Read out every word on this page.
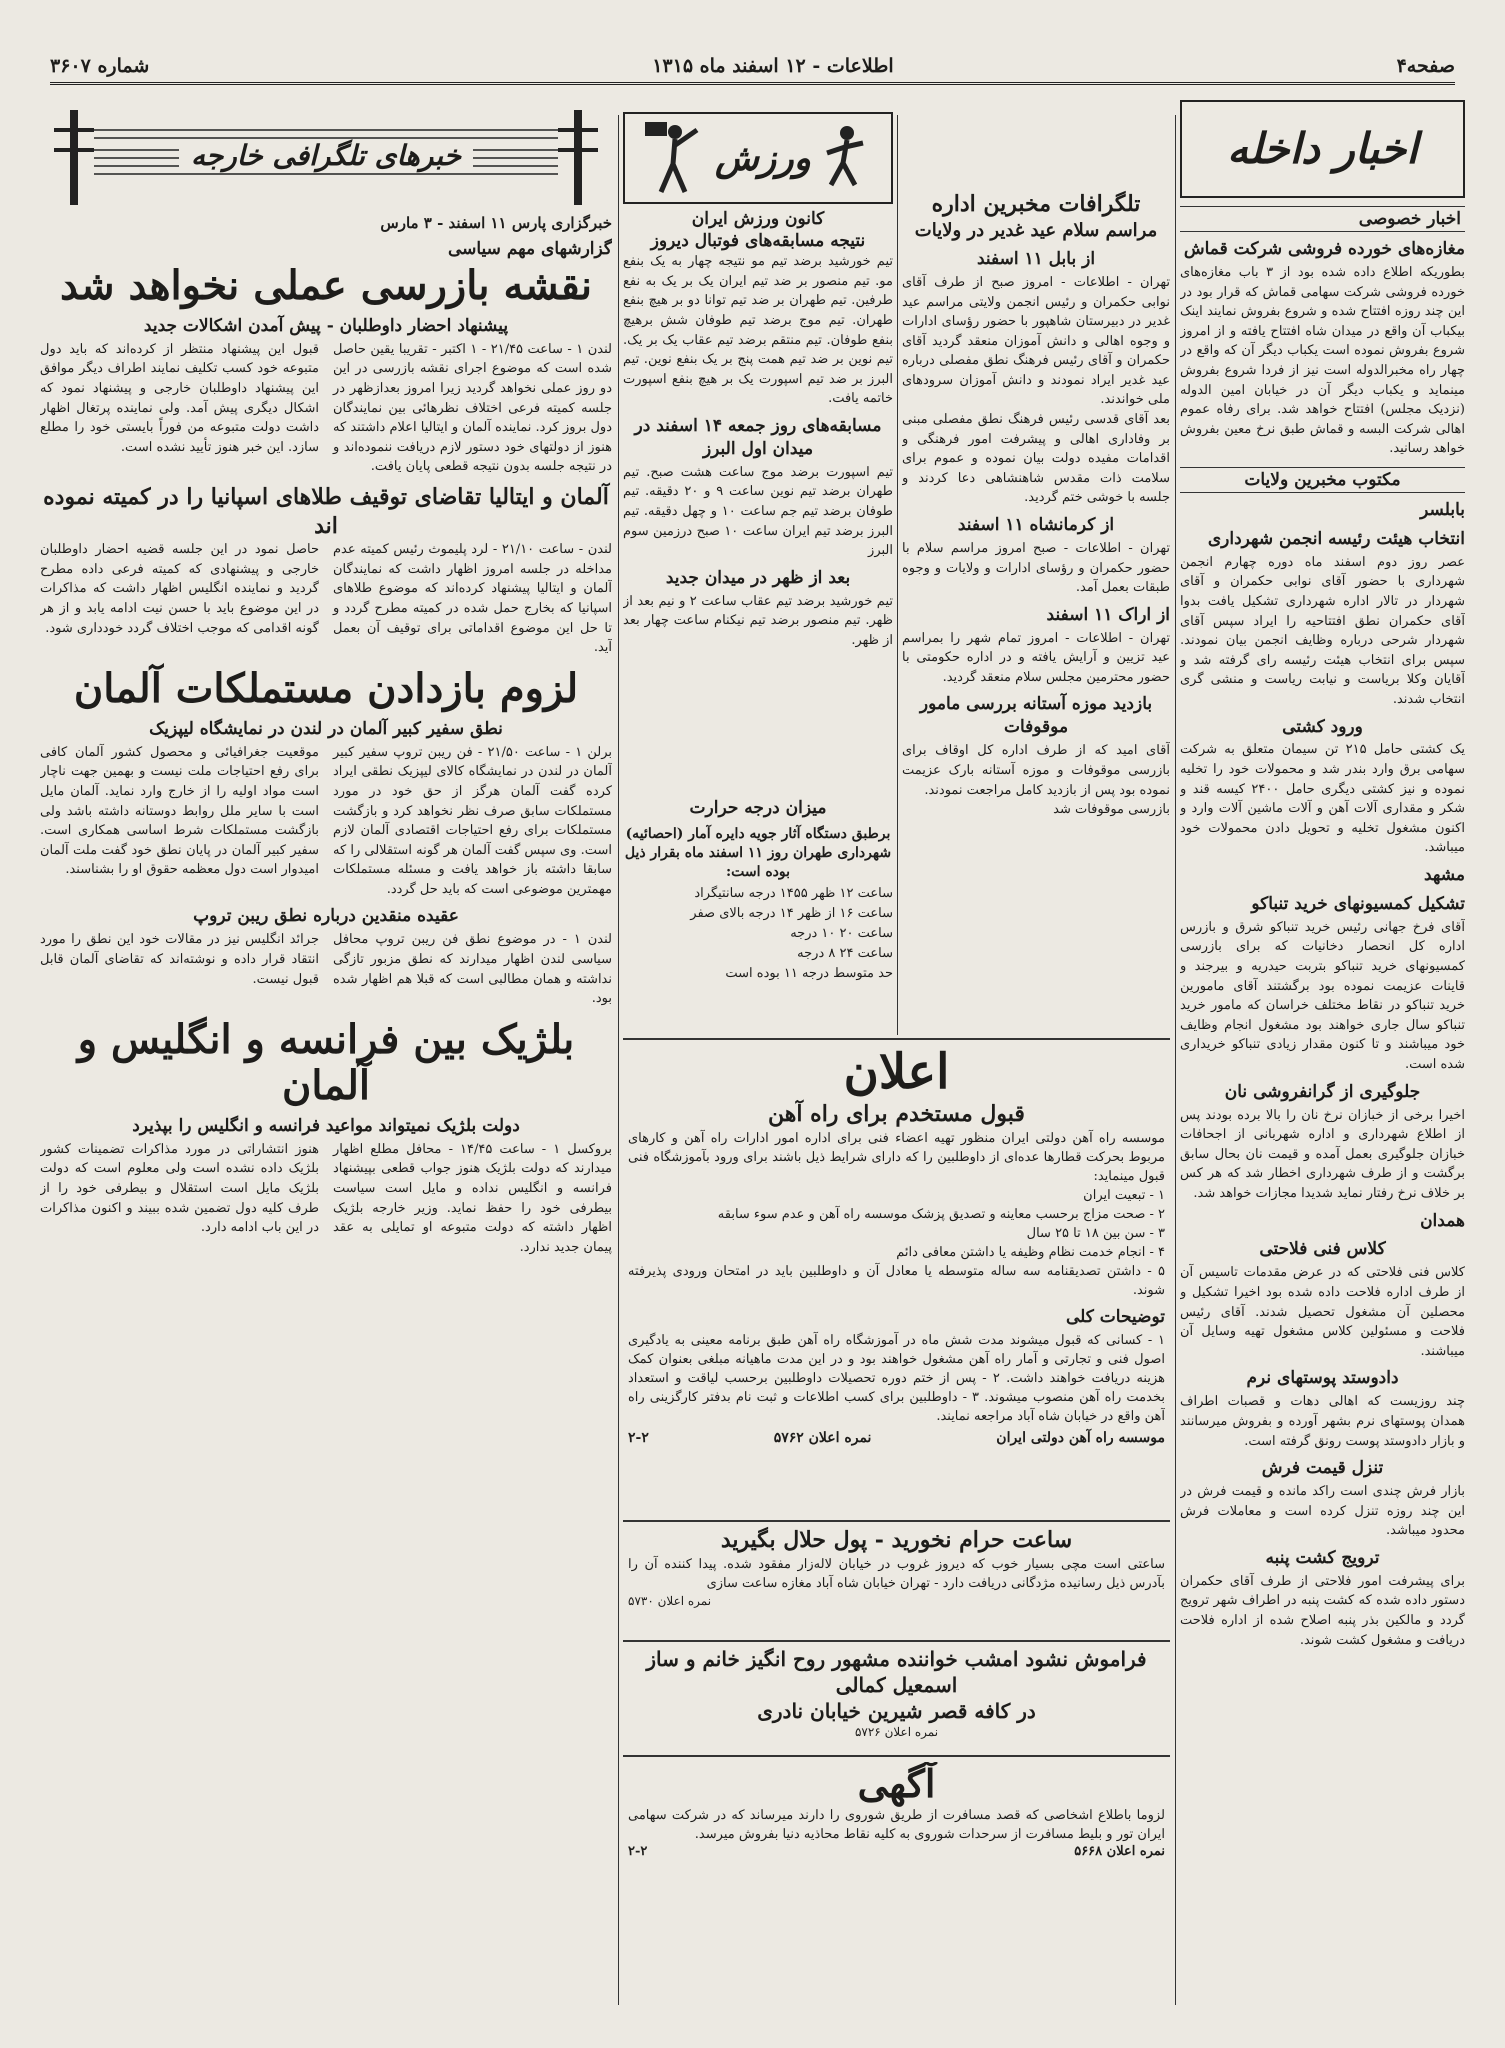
صفحه۴
اطلاعات - ۱۲ اسفند ماه ۱۳۱۵
شماره ۳۶۰۷
اخبار داخله
اخبار خصوصی
مغازه‌های خورده فروشی شرکت قماش
بطوریکه اطلاع داده شده بود از ۳ باب مغازه‌های خورده فروشی شرکت سهامی قماش که قرار بود در این چند روزه افتتاح شده و شروع بفروش نمایند اینک بیکباب آن واقع در میدان شاه افتتاح یافته و از امروز شروع بفروش نموده است یکباب دیگر آن که واقع در چهار راه مخبرالدوله است نیز از فردا شروع بفروش مینماید و یکباب دیگر آن در خیابان امین الدوله (نزدیک مجلس) افتتاح خواهد شد. برای رفاه عموم اهالی شرکت البسه و قماش طبق نرخ معین بفروش خواهد رسانید.
مکتوب مخبرین ولایات
بابلسر
انتخاب هیئت رئیسه انجمن شهرداری
عصر روز دوم اسفند ماه دوره چهارم انجمن شهرداری با حضور آقای نوابی حکمران و آقای شهردار در تالار اداره شهرداری تشکیل یافت بدوا آقای حکمران نطق افتتاحیه را ایراد سپس آقای شهردار شرحی درباره وظایف انجمن بیان نمودند. سپس برای انتخاب هیئت رئیسه رای گرفته شد و آقایان وکلا بریاست و نیابت ریاست و منشی گری انتخاب شدند.
ورود کشتی
یک کشتی حامل ۲۱۵ تن سیمان متعلق به شرکت سهامی برق وارد بندر شد و محمولات خود را تخلیه نموده و نیز کشتی دیگری حامل ۲۴۰۰ کیسه قند و شکر و مقداری آلات آهن و آلات ماشین آلات وارد و اکنون مشغول تخلیه و تحویل دادن محمولات خود میباشد.
مشهد
تشکیل کمسیونهای خرید تنباکو
آقای فرخ جهانی رئیس خرید تنباکو شرق و بازرس اداره کل انحصار دخانیات که برای بازرسی کمسیونهای خرید تنباکو بتربت حیدریه و بیرجند و قاینات عزیمت نموده بود برگشتند آقای مامورین خرید تنباکو در نقاط مختلف خراسان که مامور خرید تنباکو سال جاری خواهند بود مشغول انجام وظایف خود میباشند و تا کنون مقدار زیادی تنباکو خریداری شده است.
جلوگیری از گرانفروشی نان
اخیرا برخی از خبازان نرخ نان را بالا برده بودند پس از اطلاع شهرداری و اداره شهربانی از اجحافات خبازان جلوگیری بعمل آمده و قیمت نان بحال سابق برگشت و از طرف شهرداری اخطار شد که هر کس بر خلاف نرخ رفتار نماید شدیدا مجازات خواهد شد.
همدان
کلاس فنی فلاحتی
کلاس فنی فلاحتی که در عرض مقدمات تاسیس آن از طرف اداره فلاحت داده شده بود اخیرا تشکیل و محصلین آن مشغول تحصیل شدند. آقای رئیس فلاحت و مسئولین کلاس مشغول تهیه وسایل آن میباشند.
دادوستد پوستهای نرم
چند روزیست که اهالی دهات و قصبات اطراف همدان پوستهای نرم بشهر آورده و بفروش میرسانند و بازار دادوستد پوست رونق گرفته است.
تنزل قیمت فرش
بازار فرش چندی است راکد مانده و قیمت فرش در این چند روزه تنزل کرده است و معاملات فرش محدود میباشد.
ترویج کشت پنبه
برای پیشرفت امور فلاحتی از طرف آقای حکمران دستور داده شده که کشت پنبه در اطراف شهر ترویج گردد و مالکین بذر پنبه اصلاح شده از اداره فلاحت دریافت و مشغول کشت شوند.
تلگرافات مخبرین اداره
مراسم سلام عید غدیر در ولایات
از بابل ۱۱ اسفند
تهران - اطلاعات - امروز صبح از طرف آقای نوابی حکمران و رئیس انجمن ولایتی مراسم عید غدیر در دبیرستان شاهپور با حضور رؤسای ادارات و وجوه اهالی و دانش آموزان منعقد گردید آقای حکمران و آقای رئیس فرهنگ نطق مفصلی درباره عید غدیر ایراد نمودند و دانش آموزان سرودهای ملی خواندند.
بعد آقای قدسی رئیس فرهنگ نطق مفصلی مبنی بر وفاداری اهالی و پیشرفت امور فرهنگی و اقدامات مفیده دولت بیان نموده و عموم برای سلامت ذات مقدس شاهنشاهی دعا کردند و جلسه با خوشی ختم گردید.
از کرمانشاه ۱۱ اسفند
تهران - اطلاعات - صبح امروز مراسم سلام با حضور حکمران و رؤسای ادارات و ولایات و وجوه طبقات بعمل آمد.
از اراک ۱۱ اسفند
تهران - اطلاعات - امروز تمام شهر را بمراسم عید تزیین و آرایش یافته و در اداره حکومتی با حضور محترمین مجلس سلام منعقد گردید.
بازدید موزه آستانه بررسی مامور موقوفات
آقای امید که از طرف اداره کل اوقاف برای بازرسی موقوفات و موزه آستانه بارک عزیمت نموده بود پس از بازدید کامل مراجعت نمودند.
بازرسی موقوفات شد
ورزش
کانون ورزش ایران
نتیجه مسابقه‌های فوتبال دیروز
تیم خورشید برضد تیم مو نتیجه چهار به یک بنفع مو. تیم منصور بر ضد تیم ایران یک بر یک به نفع طرفین. تیم طهران بر ضد تیم توانا دو بر هیچ بنفع طهران. تیم موج برضد تیم طوفان شش برهیچ بنفع طوفان. تیم منتقم برضد تیم عقاب یک بر یک. تیم نوین بر ضد تیم همت پنج بر یک بنفع نوین. تیم البرز بر ضد تیم اسپورت یک بر هیچ بنفع اسپورت خاتمه یافت.
مسابقه‌های روز جمعه ۱۴ اسفند در میدان اول البرز
تیم اسپورت برضد موج ساعت هشت صبح. تیم طهران برضد تیم نوین ساعت ۹ و ۲۰ دقیقه. تیم طوفان برضد تیم جم ساعت ۱۰ و چهل دقیقه. تیم البرز برضد تیم ایران ساعت ۱۰ صبح درزمین سوم البرز
بعد از ظهر در میدان جدید
تیم خورشید برضد تیم عقاب ساعت ۲ و نیم بعد از ظهر. تیم منصور برضد تیم نیکنام ساعت چهار بعد از ظهر.
میزان درجه حرارت
برطبق دستگاه آثار جویه دایره آمار (احصائیه) شهرداری طهران روز ۱۱ اسفند ماه بقرار ذیل بوده است:
ساعت ۱۲ ظهر ۱۴۵۵ درجه سانتیگراد
ساعت ۱۶ از ظهر ۱۴ درجه بالای صفر
ساعت ۲۰ ۱۰ درجه
ساعت ۲۴ ۸ درجه
حد متوسط درجه ۱۱ بوده است
خبرهای تلگرافی خارجه
خبرگزاری پارس ۱۱ اسفند - ۳ مارس
گزارشهای مهم سیاسی
نقشه بازرسی عملی نخواهد شد
پیشنهاد احضار داوطلبان - پیش آمدن اشکالات جدید
لندن ۱ - ساعت ۲۱/۴۵ - ۱ اکتبر - تقریبا یقین حاصل شده است که موضوع اجرای نقشه بازرسی در این دو روز عملی نخواهد گردید زیرا امروز بعدازظهر در جلسه کمیته فرعی اختلاف نظرهائی بین نمایندگان دول بروز کرد. نماینده آلمان و ایتالیا اعلام داشتند که هنوز از دولتهای خود دستور لازم دریافت ننموده‌اند و در نتیجه جلسه بدون نتیجه قطعی پایان یافت.
قبول این پیشنهاد منتظر از کرده‌اند که باید دول متبوعه خود کسب تکلیف نمایند اطراف دیگر موافق این پیشنهاد داوطلبان خارجی و پیشنهاد نمود که اشکال دیگری پیش آمد. ولی نماینده پرتغال اظهار داشت دولت متبوعه من فوراً بایستی خود را مطلع سازد. این خبر هنوز تأیید نشده است.
آلمان و ایتالیا تقاضای توقیف طلاهای اسپانیا را در کمیته نموده اند
لندن - ساعت ۲۱/۱۰ - لرد پلیموث رئیس کمیته عدم مداخله در جلسه امروز اظهار داشت که نمایندگان آلمان و ایتالیا پیشنهاد کرده‌اند که موضوع طلاهای اسپانیا که بخارج حمل شده در کمیته مطرح گردد و تا حل این موضوع اقداماتی برای توقیف آن بعمل آید.
حاصل نمود در این جلسه قضیه احضار داوطلبان خارجی و پیشنهادی که کمیته فرعی داده مطرح گردید و نماینده انگلیس اظهار داشت که مذاکرات در این موضوع باید با حسن نیت ادامه یابد و از هر گونه اقدامی که موجب اختلاف گردد خودداری شود.
لزوم بازدادن مستملکات آلمان
نطق سفیر کبیر آلمان در لندن در نمایشگاه لیپزیک
برلن ۱ - ساعت ۲۱/۵۰ - فن ریبن تروپ سفیر کبیر آلمان در لندن در نمایشگاه کالای لیپزیک نطقی ایراد کرده گفت آلمان هرگز از حق خود در مورد مستملکات سابق صرف نظر نخواهد کرد و بازگشت مستملکات برای رفع احتیاجات اقتصادی آلمان لازم است. وی سپس گفت آلمان هر گونه استقلالی را که سابقا داشته باز خواهد یافت و مسئله مستملکات مهمترین موضوعی است که باید حل گردد.
موقعیت جغرافیائی و محصول کشور آلمان کافی برای رفع احتیاجات ملت نیست و بهمین جهت ناچار است مواد اولیه را از خارج وارد نماید. آلمان مایل است با سایر ملل روابط دوستانه داشته باشد ولی بازگشت مستملکات شرط اساسی همکاری است. سفیر کبیر آلمان در پایان نطق خود گفت ملت آلمان امیدوار است دول معظمه حقوق او را بشناسند.
عقیده منقدین درباره نطق ریبن تروپ
لندن ۱ - در موضوع نطق فن ریبن تروپ محافل سیاسی لندن اظهار میدارند که نطق مزبور تازگی نداشته و همان مطالبی است که قبلا هم اظهار شده بود.
جرائد انگلیس نیز در مقالات خود این نطق را مورد انتقاد قرار داده و نوشته‌اند که تقاضای آلمان قابل قبول نیست.
بلژیک بین فرانسه و انگلیس و آلمان
دولت بلژیک نمیتواند مواعید فرانسه و انگلیس را بپذیرد
بروکسل ۱ - ساعت ۱۴/۴۵ - محافل مطلع اظهار میدارند که دولت بلژیک هنوز جواب قطعی بپیشنهاد فرانسه و انگلیس نداده و مایل است سیاست بیطرفی خود را حفظ نماید. وزیر خارجه بلژیک اظهار داشته که دولت متبوعه او تمایلی به عقد پیمان جدید ندارد.
هنوز انتشاراتی در مورد مذاکرات تضمینات کشور بلژیک داده نشده است ولی معلوم است که دولت بلژیک مایل است استقلال و بیطرفی خود را از طرف کلیه دول تضمین شده ببیند و اکنون مذاکرات در این باب ادامه دارد.
اعلان
قبول مستخدم برای راه آهن
موسسه راه آهن دولتی ایران منظور تهیه اعضاء فنی برای اداره امور ادارات راه آهن و کارهای مربوط بحرکت قطارها عده‌ای از داوطلبین را که دارای شرایط ذیل باشند برای ورود بآموزشگاه فنی قبول مینماید:
۱ - تبعیت ایران
۲ - صحت مزاج برحسب معاینه و تصدیق پزشک موسسه راه آهن و عدم سوء سابقه
۳ - سن بین ۱۸ تا ۲۵ سال
۴ - انجام خدمت نظام وظیفه یا داشتن معافی دائم
۵ - داشتن تصدیقنامه سه ساله متوسطه یا معادل آن و داوطلبین باید در امتحان ورودی پذیرفته شوند.
توضیحات کلی
۱ - کسانی که قبول میشوند مدت شش ماه در آموزشگاه راه آهن طبق برنامه معینی به یادگیری اصول فنی و تجارتی و آمار راه آهن مشغول خواهند بود و در این مدت ماهیانه مبلغی بعنوان کمک هزینه دریافت خواهند داشت. ۲ - پس از ختم دوره تحصیلات داوطلبین برحسب لیاقت و استعداد بخدمت راه آهن منصوب میشوند. ۳ - داوطلبین برای کسب اطلاعات و ثبت نام بدفتر کارگزینی راه آهن واقع در خیابان شاه آباد مراجعه نمایند.
موسسه راه آهن دولتی ایران
نمره اعلان ۵۷۶۲
۲-۲
ساعت حرام نخورید - پول حلال بگیرید
ساعتی است مچی بسیار خوب که دیروز غروب در خیابان لاله‌زار مفقود شده. پیدا کننده آن را بآدرس ذیل رسانیده مژدگانی دریافت دارد - تهران خیابان شاه آباد مغازه ساعت سازی
نمره اعلان ۵۷۳۰
فراموش نشود امشب خواننده مشهور روح انگیز خانم و ساز اسمعیل کمالی
در کافه قصر شیرین خیابان نادری
نمره اعلان ۵۷۲۶
آگهی
لزوما باطلاع اشخاصی که قصد مسافرت از طریق شوروی را دارند میرساند که در شرکت سهامی ایران تور و بلیط مسافرت از سرحدات شوروی به کلیه نقاط محاذیه دنیا بفروش میرسد.
نمره اعلان ۵۶۶۸
۲-۲
